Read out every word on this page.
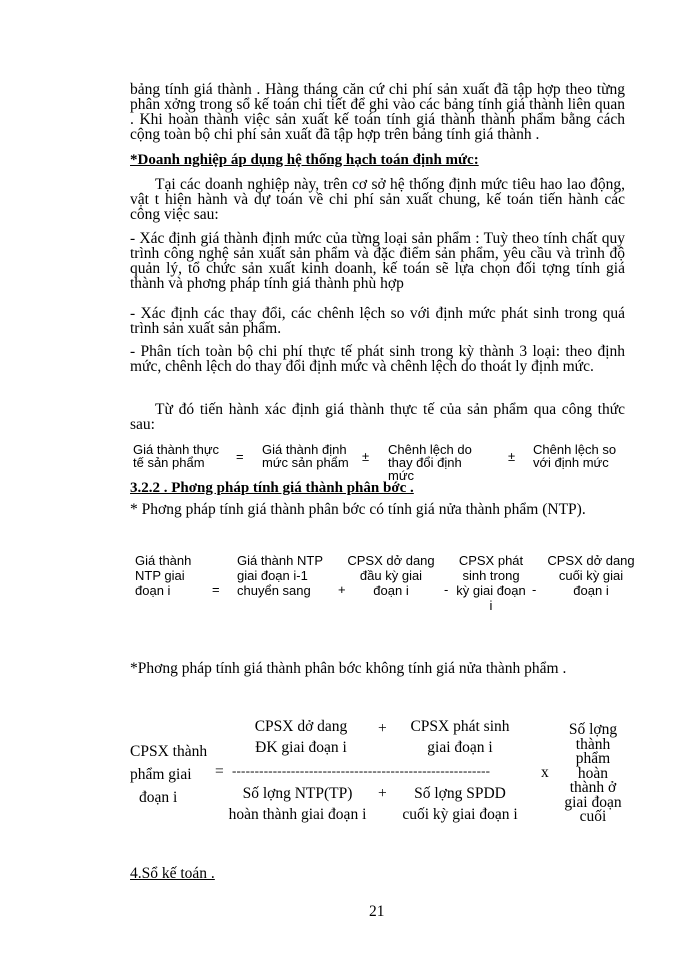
bảng tính giá thành . Hàng tháng căn cứ chi phí sản xuất đã tập hợp theo từng phân xởng trong sổ kế toán chi tiết để ghi vào các bảng tính giá thành liên quan . Khi hoàn thành việc sản xuất kế toán tính giá thành thành phẩm bằng cách cộng toàn bộ chi phí sản xuất đã tập hợp trên bảng tính giá thành .
*Doanh nghiệp áp dụng hệ thống hạch toán định mức:
Tại các doanh nghiệp này, trên cơ sở hệ thống định mức tiêu hao lao động, vật t hiện hành và dự toán về chi phí sản xuất chung, kế toán tiến hành các công việc sau:
- Xác định giá thành định mức của từng loại sản phẩm : Tuỳ theo tính chất quy trình công nghệ sản xuất sản phẩm và đặc điểm sản phẩm, yêu cầu và trình độ quản lý, tổ chức sản xuất kinh doanh, kế toán sẽ lựa chọn đối tợng tính giá thành và phơng pháp tính giá thành phù hợp
- Xác định các thay đổi, các chênh lệch so với định mức phát sinh trong quá trình sản xuất sản phẩm.
- Phân tích toàn bộ chi phí thực tế phát sinh trong kỳ thành 3 loại: theo định mức, chênh lệch do thay đổi định mức và chênh lệch do thoát ly định mức.
Từ đó tiến hành xác định giá thành thực tế của sản phẩm qua công thức sau:
Giá thành thực tế sản phẩm	= Giá thành định mức sản phẩm	± Chênh lệch do thay đổi định mức
± Chênh lệch so với định mức
3.2.2 . Phơng pháp tính giá thành phân bớc .
* Phơng pháp tính giá thành phân bớc có tính giá nửa thành phẩm (NTP).
Giá thành NTP giai đoạn i	=
Giá thành NTP giai đoạn i-1 chuyển sang	+
CPSX dở dang đầu kỳ giai đoạn i	-
CPSX phát sinh trong kỳ giai đoạn i
-
CPSX dở dang cuối kỳ giai đoạn i
*Phơng pháp tính giá thành phân bớc không tính giá nửa thành phẩm .
CPSX thành
phẩm giai
đoạn i
=
CPSX dở dang
ĐK giai đoạn i
+	CPSX phát sinh
giai đoạn i
---------------------------------------------------------
Số lợng NTP(TP)
hoàn thành giai đoạn i
+	Số lợng SPDD
cuối kỳ giai đoạn i
x
Số lợng
thành
phẩm
hoàn
thành ở
giai đoạn
cuối
4.Sổ kế toán .
21
